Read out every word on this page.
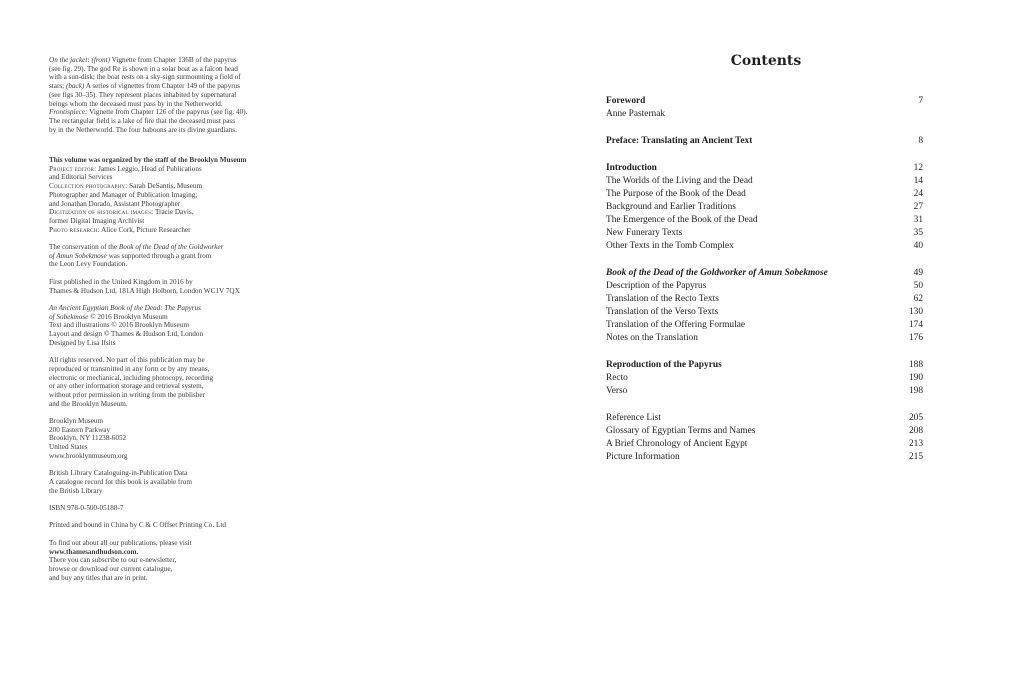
On the jacket: (front) Vignette from Chapter 136B of the papyrus
(see fig. 29). The god Re is shown in a solar boat as a falcon head
with a sun-disk; the boat rests on a sky-sign surmounting a field of
stars; (back) A series of vignettes from Chapter 149 of the papyrus
(see figs 30–35). They represent places inhabited by supernatural
beings whom the deceased must pass by in the Netherworld.
Frontispiece: Vignette from Chapter 126 of the papyrus (see fig. 40).
The rectangular field is a lake of fire that the deceased must pass
by in the Netherworld. The four baboons are its divine guardians.
This volume was organized by the staff of the Brooklyn Museum
Project editor: James Leggio, Head of Publications
and Editorial Services
Collection photography: Sarah DeSantis, Museum
Photographer and Manager of Publication Imaging;
and Jonathan Dorado, Assistant Photographer
Digitization of historical images: Tracie Davis,
former Digital Imaging Archivist
Photo research: Alice Cork, Picture Researcher
The conservation of the Book of the Dead of the Goldworker
of Amun Sobekmose was supported through a grant from
the Leon Levy Foundation.
First published in the United Kingdom in 2016 by
Thames & Hudson Ltd, 181A High Holborn, London WC1V 7QX
An Ancient Egyptian Book of the Dead: The Papyrus
of Sobekmose © 2016 Brooklyn Museum
Text and illustrations © 2016 Brooklyn Museum
Layout and design © Thames & Hudson Ltd, London
Designed by Lisa Ifsits
All rights reserved. No part of this publication may be
reproduced or transmitted in any form or by any means,
electronic or mechanical, including photocopy, recording
or any other information storage and retrieval system,
without prior permission in writing from the publisher
and the Brooklyn Museum.
Brooklyn Museum
200 Eastern Parkway
Brooklyn, NY 11238-6052
United States
www.brooklynmuseum.org
British Library Cataloguing-in-Publication Data
A catalogue record for this book is available from
the British Library
ISBN 978-0-500-05188-7
Printed and bound in China by C & C Offset Printing Co. Ltd
To find out about all our publications, please visit
www.thamesandhudson.com.
There you can subscribe to our e-newsletter,
browse or download our current catalogue,
and buy any titles that are in print.
Contents
Foreword	7
Anne Pasternak
Preface: Translating an Ancient Text	8
Introduction	12
The Worlds of the Living and the Dead	14
The Purpose of the Book of the Dead	24
Background and Earlier Traditions	27
The Emergence of the Book of the Dead	31
New Funerary Texts	35
Other Texts in the Tomb Complex	40
Book of the Dead of the Goldworker of Amun Sobekmose	49
Description of the Papyrus	50
Translation of the Recto Texts	62
Translation of the Verso Texts	130
Translation of the Offering Formulae	174
Notes on the Translation	176
Reproduction of the Papyrus	188
Recto	190
Verso	198
Reference List	205
Glossary of Egyptian Terms and Names	208
A Brief Chronology of Ancient Egypt	213
Picture Information	215
